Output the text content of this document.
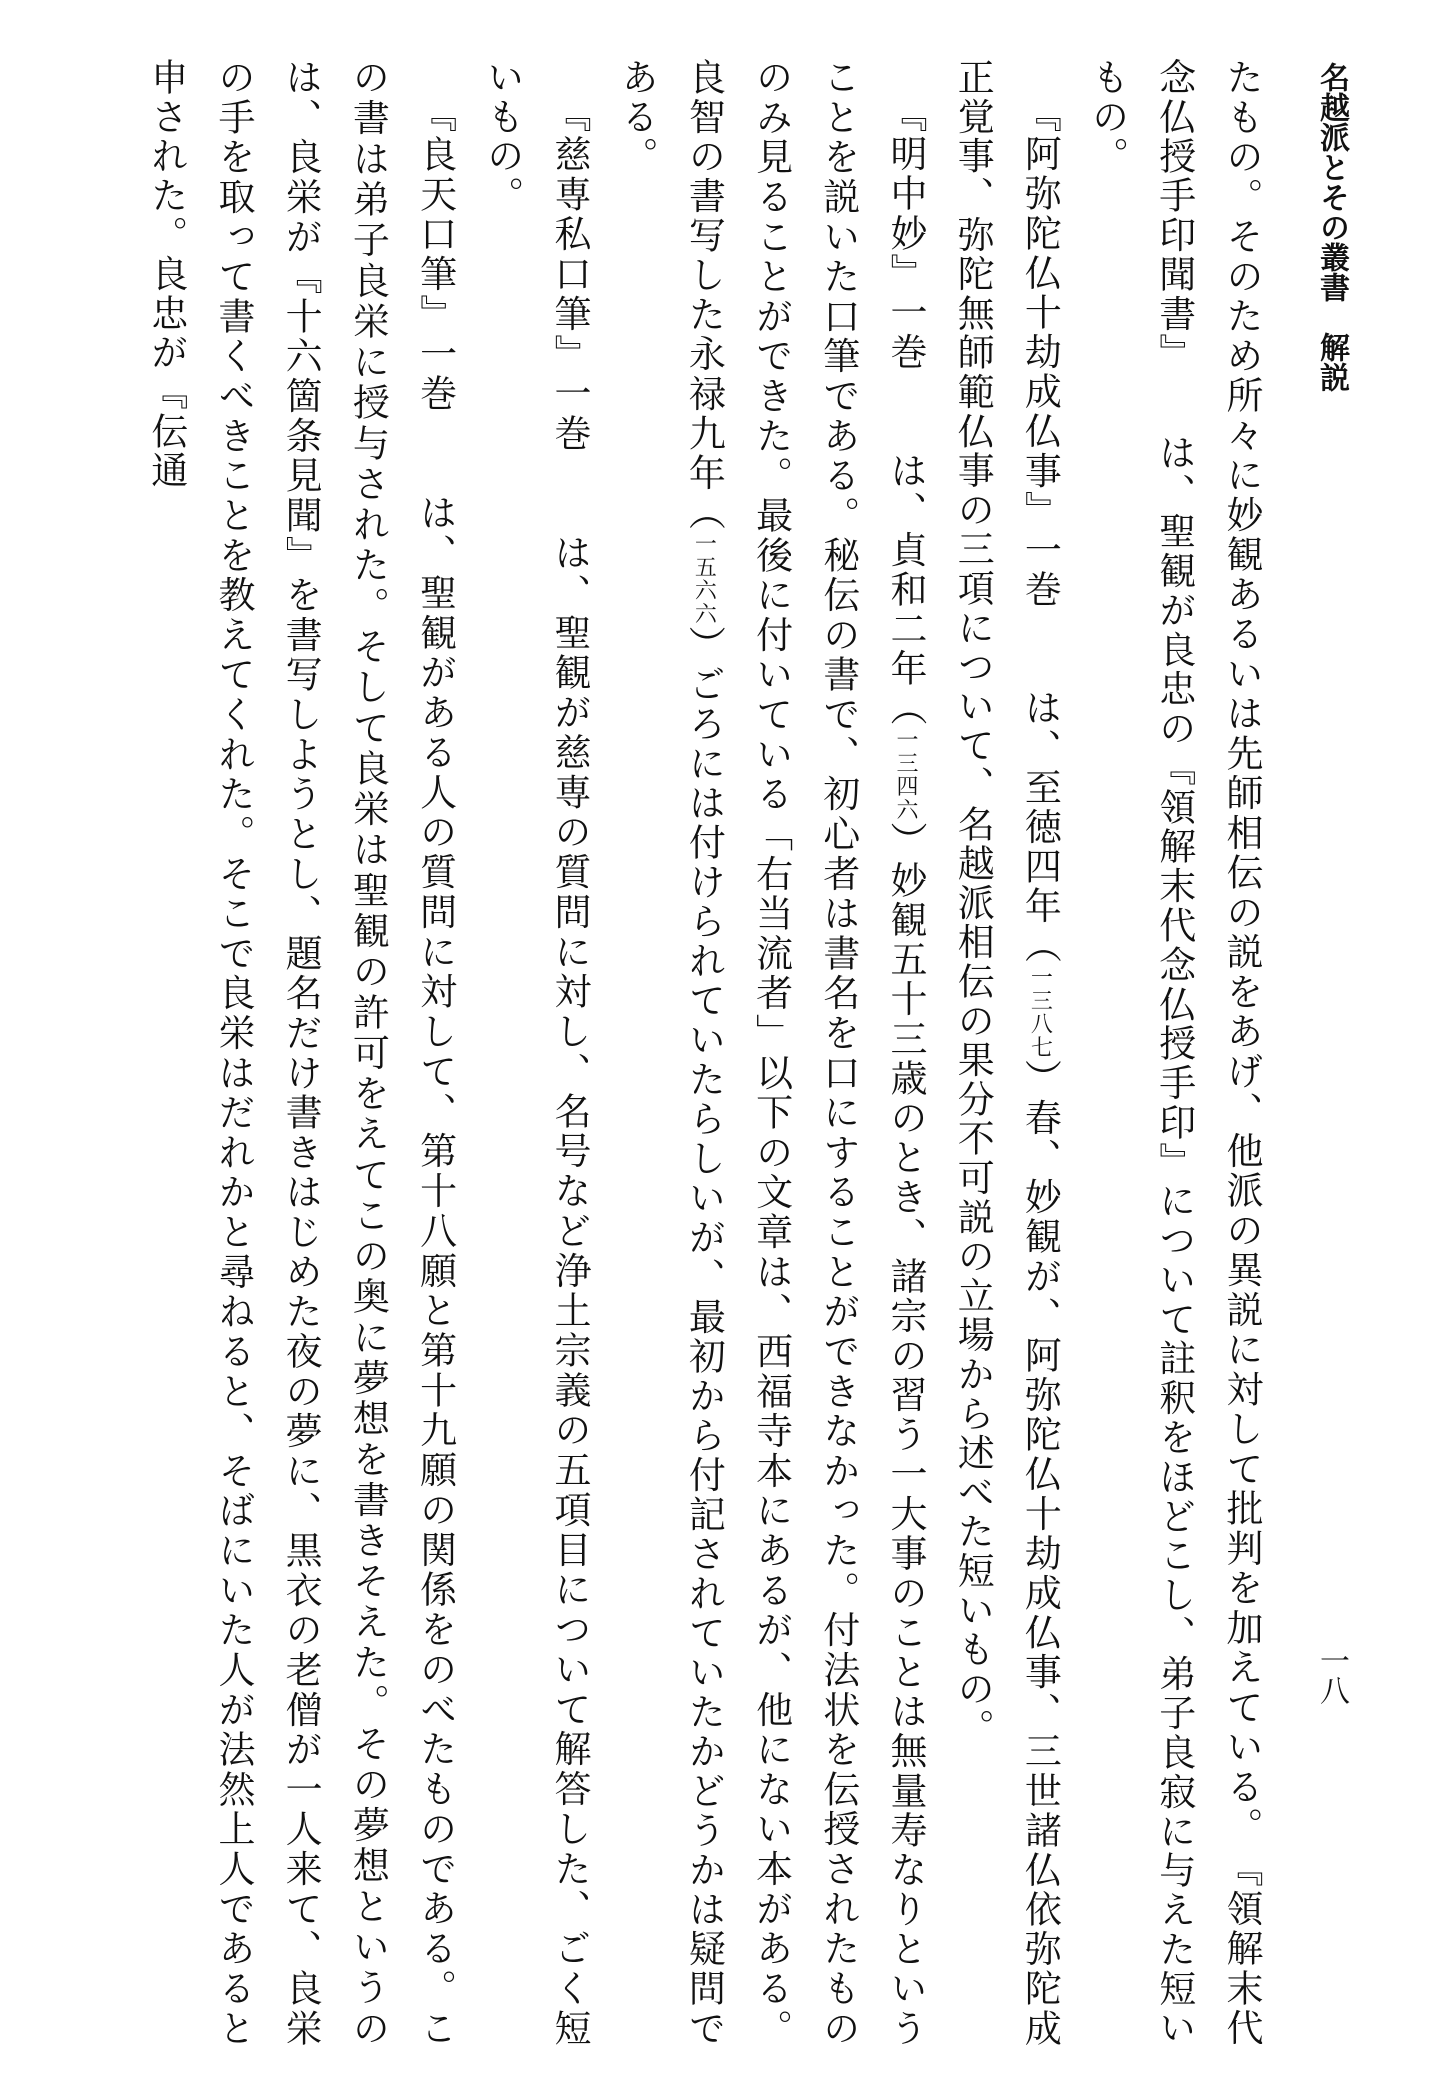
名越派とその叢書　解説
一八

たもの。そのため所々に妙観あるいは先師相伝の説をあげ、他派の異説に対して批判を加えている。　『領解末代念仏授手印聞書』　　は、聖観が良忠の『領解末代念仏授手印』について註釈をほどこし、弟子良寂に与えた短いもの。

『阿弥陀仏十劫成仏事』一巻　　は、至徳四年（一三八七）春、妙観が、阿弥陀仏十劫成仏事、三世諸仏依弥陀成正覚事、弥陀無師範仏事の三項について、名越派相伝の果分不可説の立場から述べた短いもの。

『明中妙』一巻　　は、貞和二年（一三四六）妙観五十三歳のとき、諸宗の習う一大事のことは無量寿なりということを説いた口筆である。秘伝の書で、初心者は書名を口にすることができなかった。付法状を伝授されたもののみ見ることができた。最後に付いている「右当流者」以下の文章は、西福寺本にあるが、他にない本がある。良智の書写した永禄九年（一五六六）ごろには付けられていたらしいが、最初から付記されていたかどうかは疑問である。

『慈専私口筆』一巻　　は、聖観が慈専の質問に対し、名号など浄土宗義の五項目について解答した、ごく短いもの。

『良天口筆』一巻　　は、聖観がある人の質問に対して、第十八願と第十九願の関係をのべたものである。この書は弟子良栄に授与された。そして良栄は聖観の許可をえてこの奥に夢想を書きそえた。その夢想というのは、良栄が『十六箇条見聞』を書写しようとし、題名だけ書きはじめた夜の夢に、黒衣の老僧が一人来て、良栄の手を取って書くべきことを教えてくれた。そこで良栄はだれかと尋ねると、そばにいた人が法然上人であると申された。良忠が『伝通
